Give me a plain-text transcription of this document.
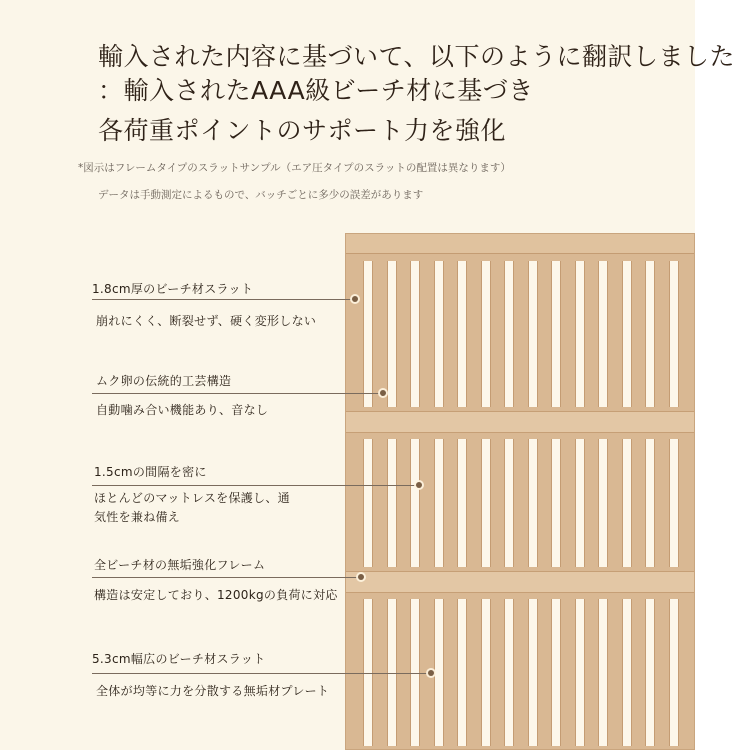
輸入された内容に基づいて、以下のように翻訳しました
：輸入されたAAA級ビーチ材に基づき
各荷重ポイントのサポート力を強化
*図示はフレームタイプのスラットサンプル（エア圧タイプのスラットの配置は異なります）
データは手動測定によるもので、バッチごとに多少の誤差があります
1.8cm厚のビーチ材スラット
崩れにくく、断裂せず、硬く変形しない
ムク卵の伝統的工芸構造
自動噛み合い機能あり、音なし
1.5cmの間隔を密に
ほとんどのマットレスを保護し、通
気性を兼ね備え
全ビーチ材の無垢強化フレーム
構造は安定しており、1200kgの負荷に対応
5.3cm幅広のビーチ材スラット
全体が均等に力を分散する無垢材プレート
